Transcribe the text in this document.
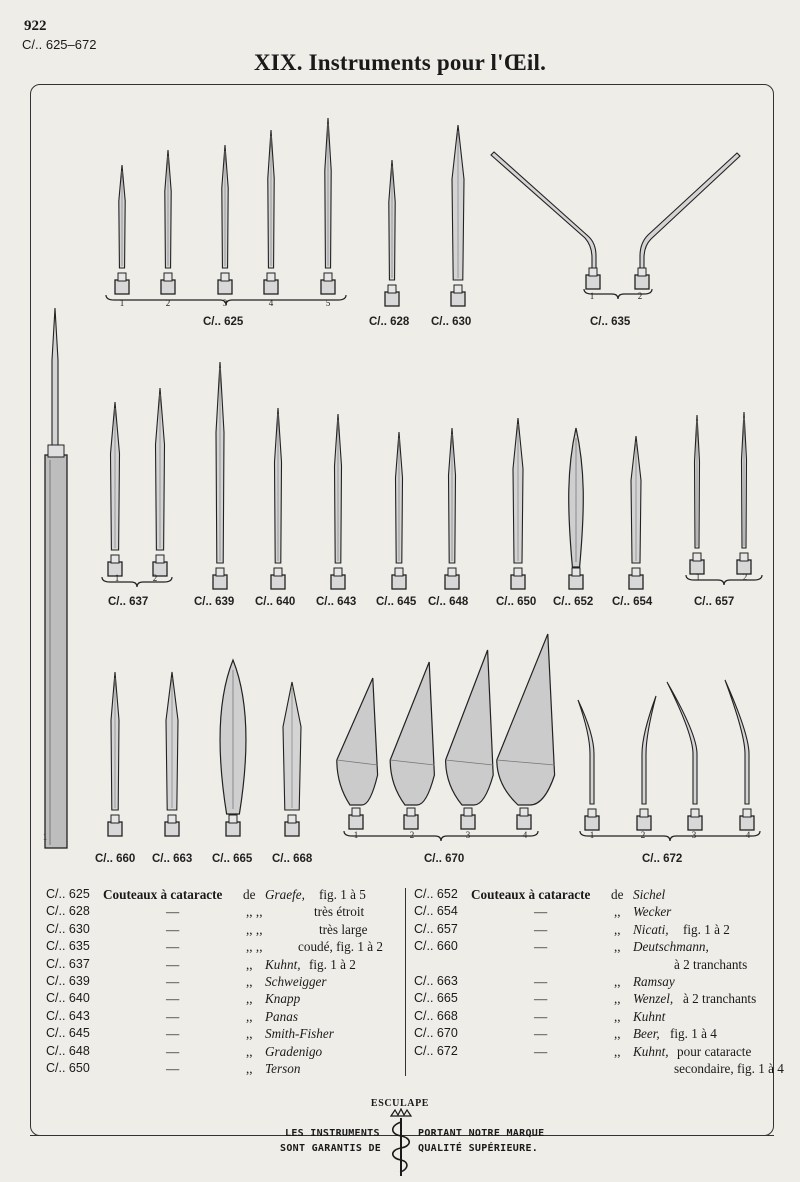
922
C/.. 625–672
XIX. Instruments pour l'Œil.
1
1	2	3	4	5
1	2
1	2	1	2
1	2	3	4	1	2	3	4
C/.. 625	C/.. 628 C/.. 630	C/.. 635
C/.. 637	C/.. 639 C/.. 640 C/.. 643 C/.. 645 C/.. 648 C/.. 650 C/.. 652 C/.. 654	C/.. 657
C/.. 660 C/.. 663 C/.. 665 C/.. 668	C/.. 670	C/.. 672
C/.. 625 Couteaux à cataracte de Graefe, fig. 1 à 5
C/.. 628	—	,, ,,	très étroit
C/.. 630	—	,, ,,	très large
C/.. 635	—	,, ,,	coudé, fig. 1 à 2
C/.. 637	—	,, Kuhnt, fig. 1 à 2
C/.. 639	—	,, Schweigger
C/.. 640	—	,, Knapp
C/.. 643	—	,, Panas
C/.. 645	—	,, Smith-Fisher
C/.. 648	—	,, Gradenigo
C/.. 650	—	,, Terson
C/.. 652 Couteaux à cataracte de Sichel
C/.. 654	—	,, Wecker
C/.. 657	—	,, Nicati, fig. 1 à 2
C/.. 660	—	,, Deutschmann,
à 2 tranchants
C/.. 663	—	,, Ramsay
C/.. 665	—	,, Wenzel, à 2 tranchants
C/.. 668	—	,, Kuhnt
C/.. 670	—	,, Beer, fig. 1 à 4
C/.. 672	—	,, Kuhnt, pour cataracte
secondaire, fig. 1 à 4
ESCULAPE
LES INSTRUMENTS
SONT GARANTIS DE
PORTANT NOTRE MARQUE
QUALITÉ SUPÉRIEURE.
